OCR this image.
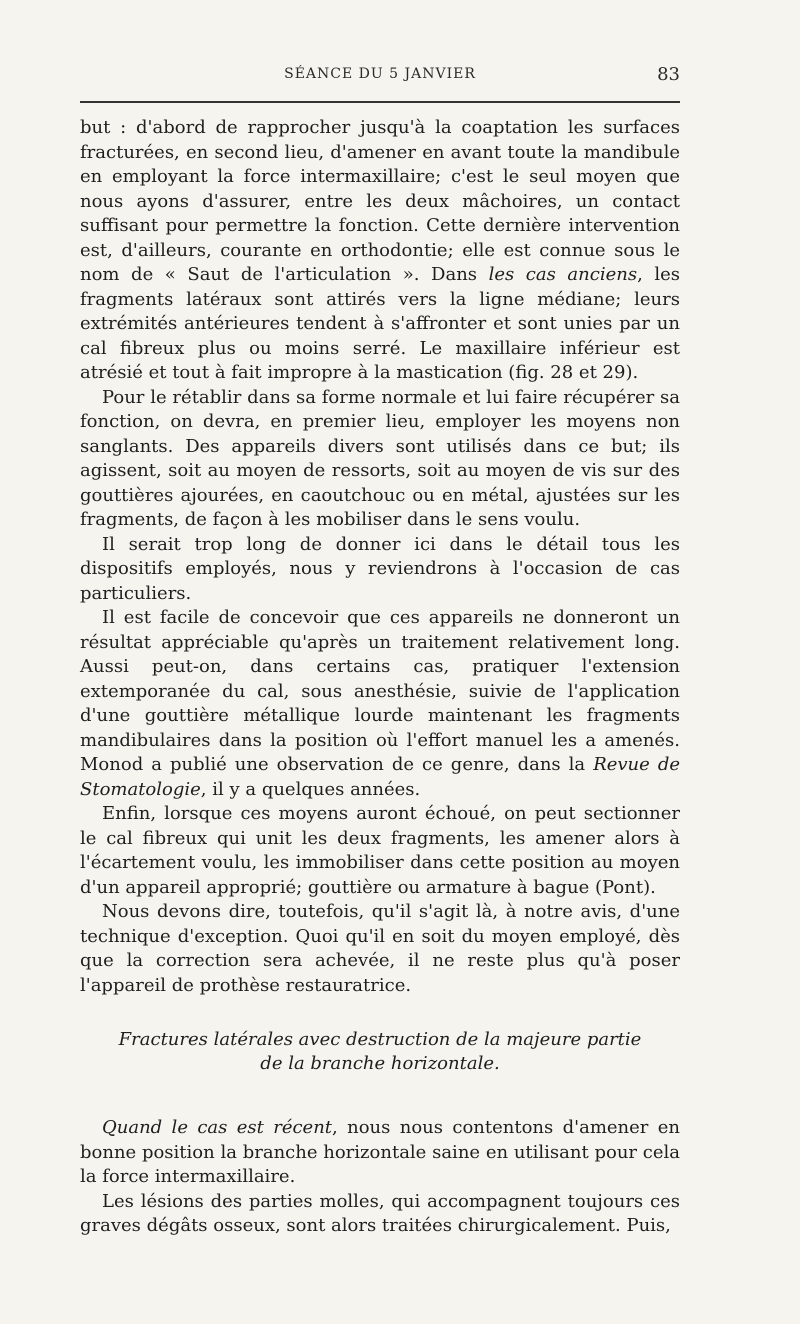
SÉANCE DU 5 JANVIER	83

but : d'abord de rapprocher jusqu'à la coaptation les surfaces fracturées, en second lieu, d'amener en avant toute la mandibule en employant la force intermaxillaire; c'est le seul moyen que nous ayons d'assurer, entre les deux mâchoires, un contact suffisant pour permettre la fonction. Cette dernière intervention est, d'ailleurs, courante en orthodontie; elle est connue sous le nom de « Saut de l'articulation ». Dans les cas anciens, les fragments latéraux sont attirés vers la ligne médiane; leurs extrémités antérieures tendent à s'affronter et sont unies par un cal fibreux plus ou moins serré. Le maxillaire inférieur est atrésié et tout à fait impropre à la mastication (fig. 28 et 29).

Pour le rétablir dans sa forme normale et lui faire récupérer sa fonction, on devra, en premier lieu, employer les moyens non sanglants. Des appareils divers sont utilisés dans ce but; ils agissent, soit au moyen de ressorts, soit au moyen de vis sur des gouttières ajourées, en caoutchouc ou en métal, ajustées sur les fragments, de façon à les mobiliser dans le sens voulu.

Il serait trop long de donner ici dans le détail tous les dispositifs employés, nous y reviendrons à l'occasion de cas particuliers.

Il est facile de concevoir que ces appareils ne donneront un résultat appréciable qu'après un traitement relativement long. Aussi peut-on, dans certains cas, pratiquer l'extension extemporanée du cal, sous anesthésie, suivie de l'application d'une gouttière métallique lourde maintenant les fragments mandibulaires dans la position où l'effort manuel les a amenés. Monod a publié une observation de ce genre, dans la Revue de Stomatologie, il y a quelques années.

Enfin, lorsque ces moyens auront échoué, on peut sectionner le cal fibreux qui unit les deux fragments, les amener alors à l'écartement voulu, les immobiliser dans cette position au moyen d'un appareil approprié; gouttière ou armature à bague (Pont).

Nous devons dire, toutefois, qu'il s'agit là, à notre avis, d'une technique d'exception. Quoi qu'il en soit du moyen employé, dès que la correction sera achevée, il ne reste plus qu'à poser l'appareil de prothèse restauratrice.

Fractures latérales avec destruction de la majeure partie
de la branche horizontale.

Quand le cas est récent, nous nous contentons d'amener en bonne position la branche horizontale saine en utilisant pour cela la force intermaxillaire.

Les lésions des parties molles, qui accompagnent toujours ces graves dégâts osseux, sont alors traitées chirurgicalement. Puis,
